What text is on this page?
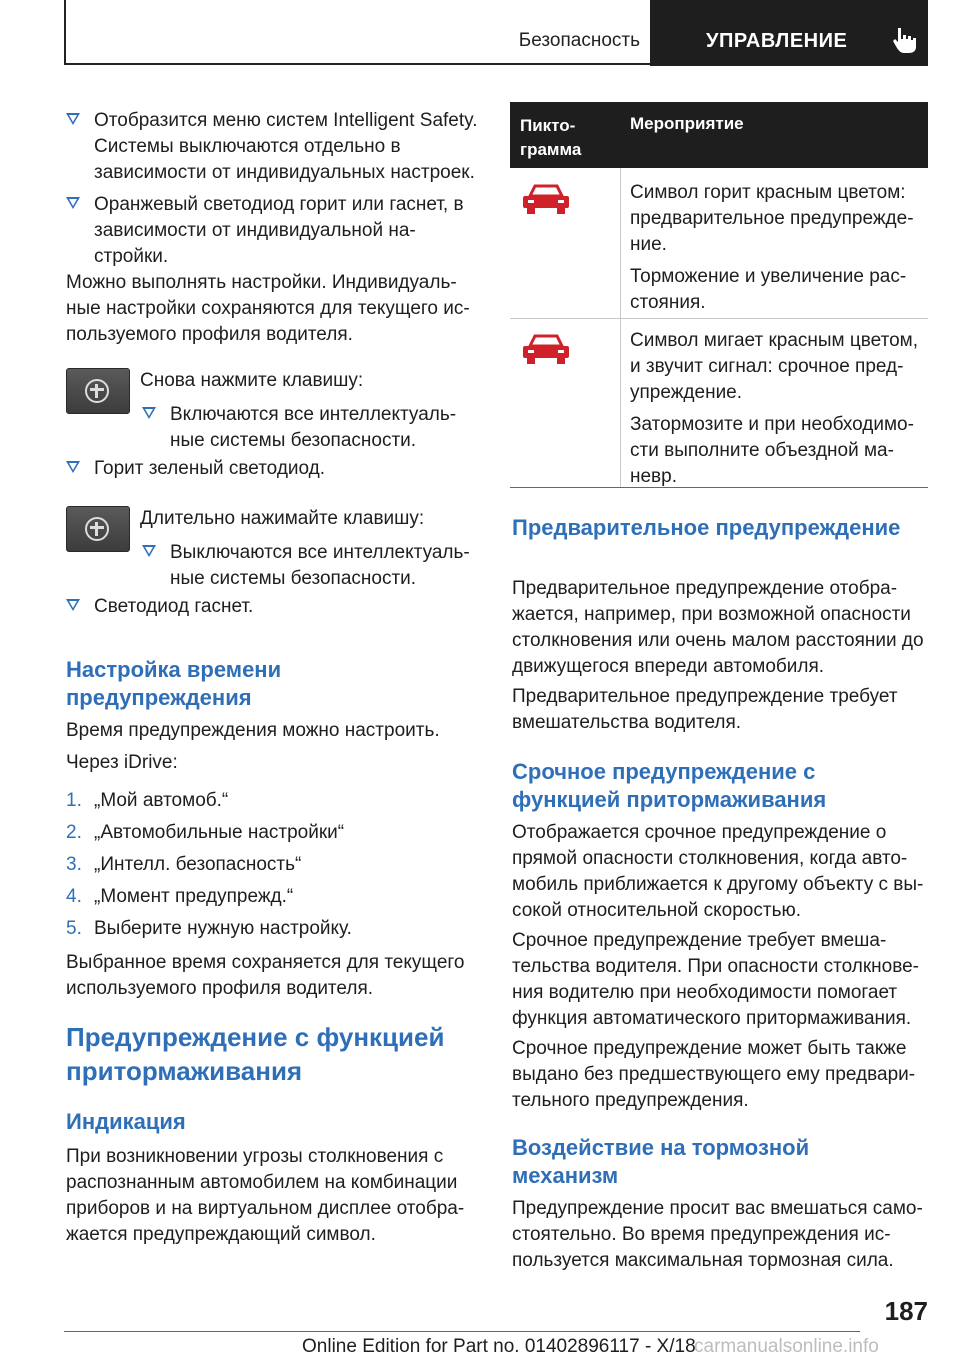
Безопасность	УПРАВЛЕНИЕ

Отобразится меню систем Intelligent Safety. Системы выключаются отдельно в зависимости от индивидуальных настроек.

Оранжевый светодиод горит или гаснет, в зависимости от индивидуальной на-стройки.

Можно выполнять настройки. Индивидуаль-ные настройки сохраняются для текущего ис-пользуемого профиля водителя.

Снова нажмите клавишу:

Включаются все интеллектуаль-ные системы безопасности.

Горит зеленый светодиод.

Длительно нажимайте клавишу:

Выключаются все интеллектуаль-ные системы безопасности.

Светодиод гаснет.

Настройка времени предупреждения

Время предупреждения можно настроить.

Через iDrive:

1. „Мой автомоб.“
2. „Автомобильные настройки“
3. „Интелл. безопасность“
4. „Момент предупрежд.“
5. Выберите нужную настройку.

Выбранное время сохраняется для текущего используемого профиля водителя.

Предупреждение с функцией притормаживания
Индикация

При возникновении угрозы столкновения с распознанным автомобилем на комбинации приборов и на виртуальном дисплее отобра-жается предупреждающий символ.

Пикто-грамма
Мероприятие

Символ горит красным цветом: предварительное предупрежде-ние.

Торможение и увеличение рас-стояния.

Символ мигает красным цветом, и звучит сигнал: срочное пред-упреждение.

Затормозите и при необходимо-сти выполните объездной ма-невр.

Предварительное предупреждение

Предварительное предупреждение отобра-жается, например, при возможной опасности столкновения или очень малом расстоянии до движущегося впереди автомобиля.

Предварительное предупреждение требует вмешательства водителя.

Срочное предупреждение с функцией притормаживания

Отображается срочное предупреждение о прямой опасности столкновения, когда авто-мобиль приближается к другому объекту с вы-сокой относительной скоростью.

Срочное предупреждение требует вмеша-тельства водителя. При опасности столкнове-ния водителю при необходимости помогает функция автоматического притормаживания.

Срочное предупреждение может быть также выдано без предшествующего ему предвари-тельного предупреждения.

Воздействие на тормозной механизм

Предупреждение просит вас вмешаться само-стоятельно. Во время предупреждения ис-пользуется максимальная тормозная сила.

187
Online Edition for Part no. 01402896117 - X/18
carmanualsonline.info
